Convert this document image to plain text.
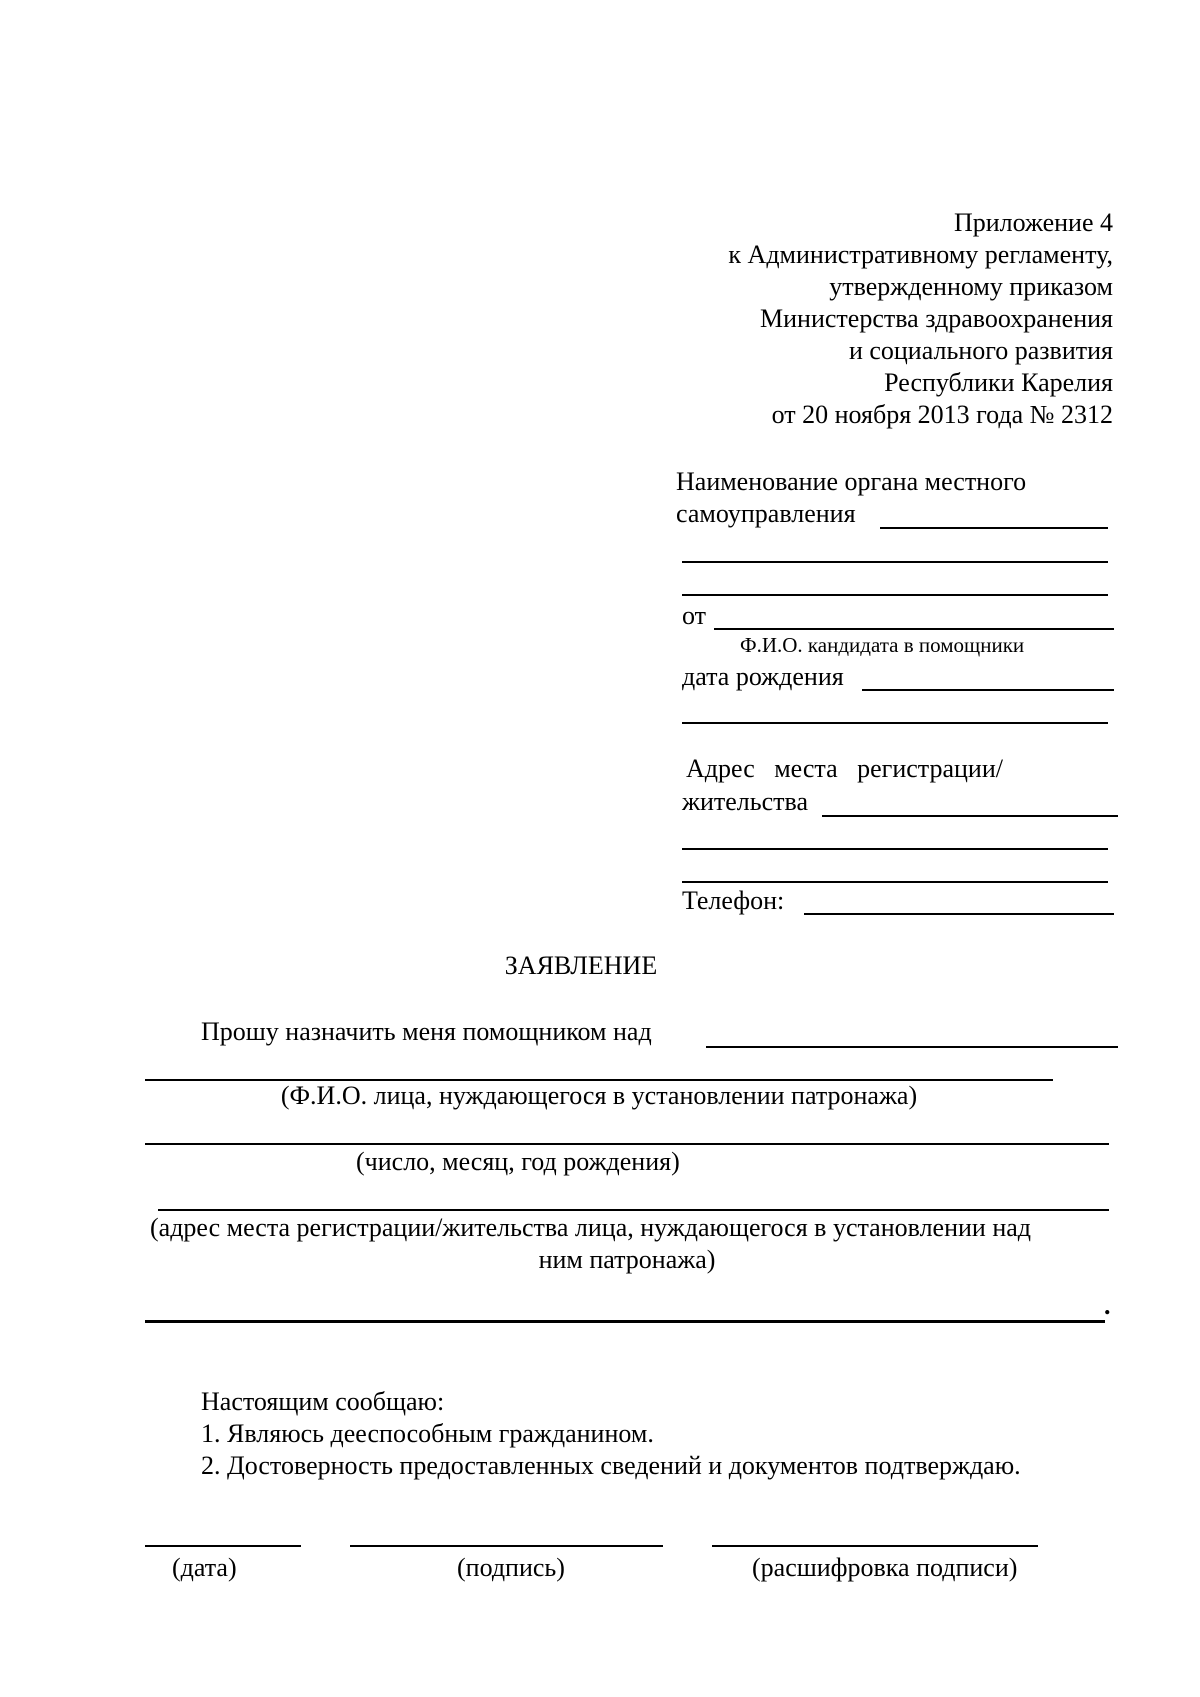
Приложение 4
к Административному регламенту,
утвержденному приказом
Министерства здравоохранения
и социального развития
Республики Карелия
от 20 ноября 2013 года № 2312
Наименование органа местного
самоуправления
от
Ф.И.О. кандидата в помощники
дата рождения
Адрес   места   регистрации/
жительства
Телефон:
ЗАЯВЛЕНИЕ
Прошу назначить меня помощником над
(Ф.И.О. лица, нуждающегося в установлении патронажа)
(число, месяц, год рождения)
(адрес места регистрации/жительства лица, нуждающегося в установлении над
ним патронажа)
.
Настоящим сообщаю:
1. Являюсь дееспособным гражданином.
2. Достоверность предоставленных сведений и документов подтверждаю.
(дата)	(подпись)	(расшифровка подписи)
